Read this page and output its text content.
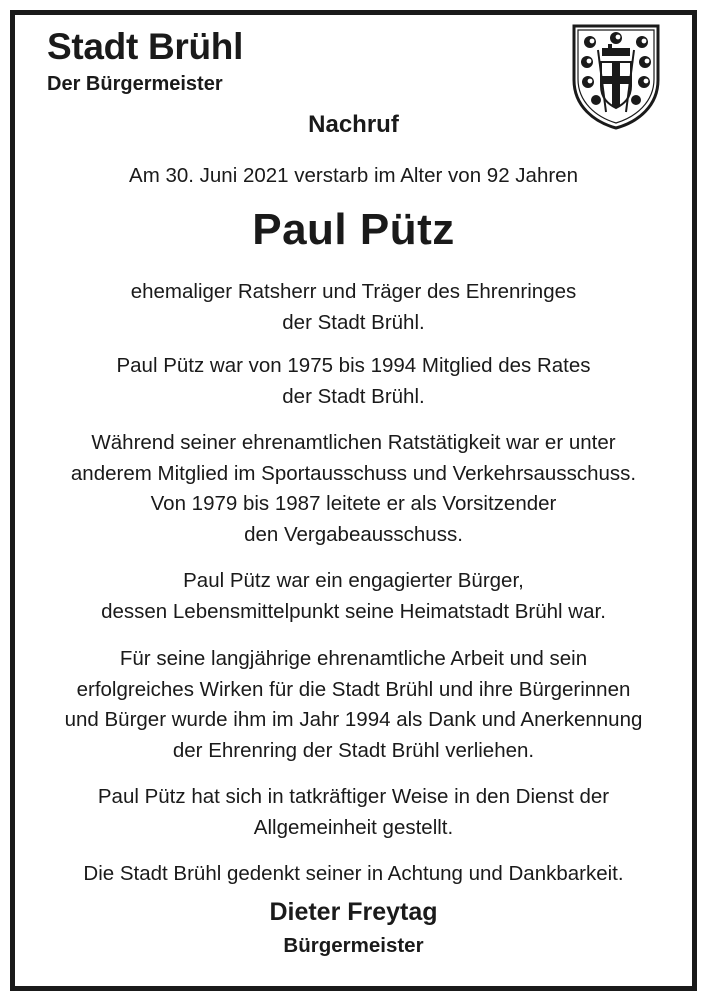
Stadt Brühl
Der Bürgermeister
Nachruf
Am 30. Juni 2021 verstarb im Alter von 92 Jahren
Paul Pütz
ehemaliger Ratsherr und Träger des Ehrenringes
der Stadt Brühl.
Paul Pütz war von 1975 bis 1994 Mitglied des Rates
der Stadt Brühl.
Während seiner ehrenamtlichen Ratstätigkeit war er unter
anderem Mitglied im Sportausschuss und Verkehrsausschuss.
Von 1979 bis 1987 leitete er als Vorsitzender
den Vergabeausschuss.
Paul Pütz war ein engagierter Bürger,
dessen Lebensmittelpunkt seine Heimatstadt Brühl war.
Für seine langjährige ehrenamtliche Arbeit und sein
erfolgreiches Wirken für die Stadt Brühl und ihre Bürgerinnen
und Bürger wurde ihm im Jahr 1994 als Dank und Anerkennung
der Ehrenring der Stadt Brühl verliehen.
Paul Pütz hat sich in tatkräftiger Weise in den Dienst der
Allgemeinheit gestellt.
Die Stadt Brühl gedenkt seiner in Achtung und Dankbarkeit.
Dieter Freytag
Bürgermeister
